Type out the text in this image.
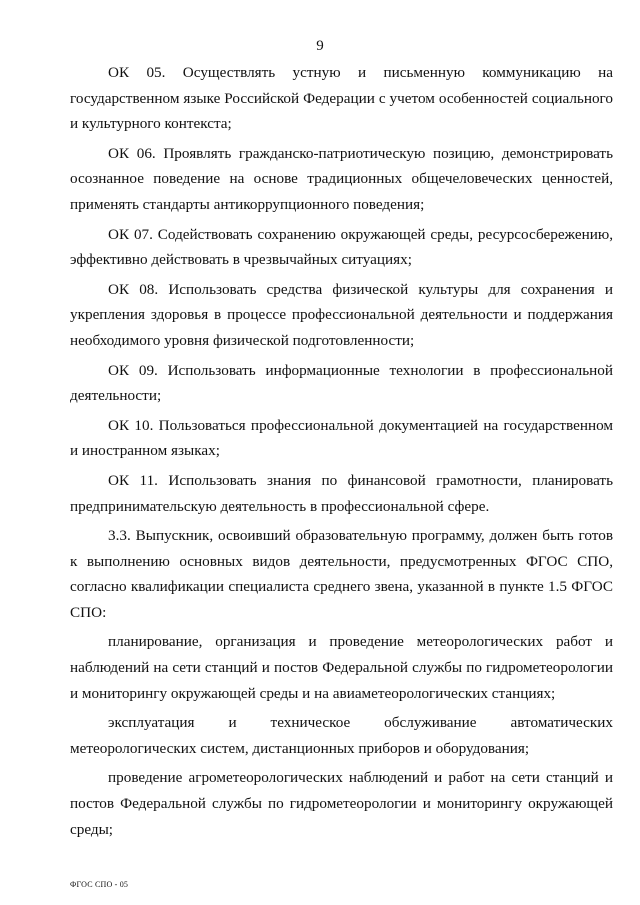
9

ОК 05. Осуществлять устную и письменную коммуникацию на государственном языке Российской Федерации с учетом особенностей социального и культурного контекста;

ОК 06. Проявлять гражданско-патриотическую позицию, демонстрировать осознанное поведение на основе традиционных общечеловеческих ценностей, применять стандарты антикоррупционного поведения;

ОК 07. Содействовать сохранению окружающей среды, ресурсосбережению, эффективно действовать в чрезвычайных ситуациях;

ОК 08. Использовать средства физической культуры для сохранения и укрепления здоровья в процессе профессиональной деятельности и поддержания необходимого уровня физической подготовленности;

ОК 09. Использовать информационные технологии в профессиональной деятельности;

ОК 10. Пользоваться профессиональной документацией на государственном и иностранном языках;

ОК 11. Использовать знания по финансовой грамотности, планировать предпринимательскую деятельность в профессиональной сфере.

3.3. Выпускник, освоивший образовательную программу, должен быть готов к выполнению основных видов деятельности, предусмотренных ФГОС СПО, согласно квалификации специалиста среднего звена, указанной в пункте 1.5 ФГОС СПО:

планирование, организация и проведение метеорологических работ и наблюдений на сети станций и постов Федеральной службы по гидрометеорологии и мониторингу окружающей среды и на авиаметеорологических станциях;

эксплуатация и техническое обслуживание автоматических метеорологических систем, дистанционных приборов и оборудования;

проведение агрометеорологических наблюдений и работ на сети станций и постов Федеральной службы по гидрометеорологии и мониторингу окружающей среды;

ФГОС СПО - 05
